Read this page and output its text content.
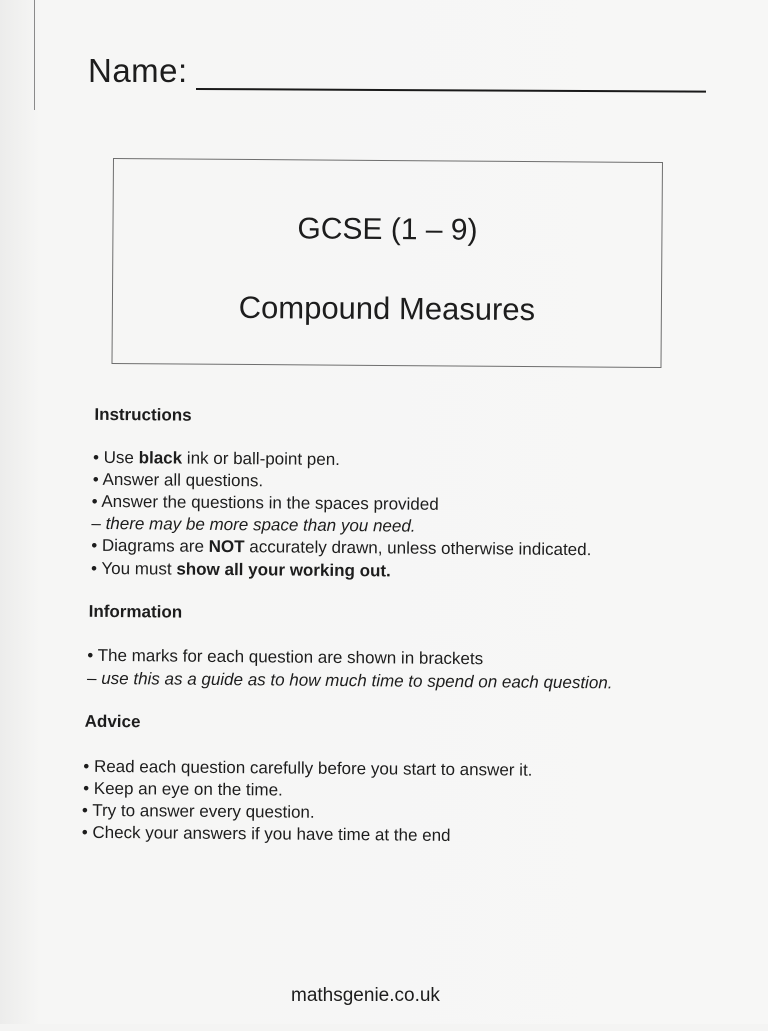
Name:
GCSE (1 – 9)
Compound Measures
Instructions
• Use black ink or ball-point pen.
• Answer all questions.
• Answer the questions in the spaces provided
– there may be more space than you need.
• Diagrams are NOT accurately drawn, unless otherwise indicated.
• You must show all your working out.
Information
• The marks for each question are shown in brackets
– use this as a guide as to how much time to spend on each question.
Advice
• Read each question carefully before you start to answer it.
• Keep an eye on the time.
• Try to answer every question.
• Check your answers if you have time at the end
mathsgenie.co.uk
